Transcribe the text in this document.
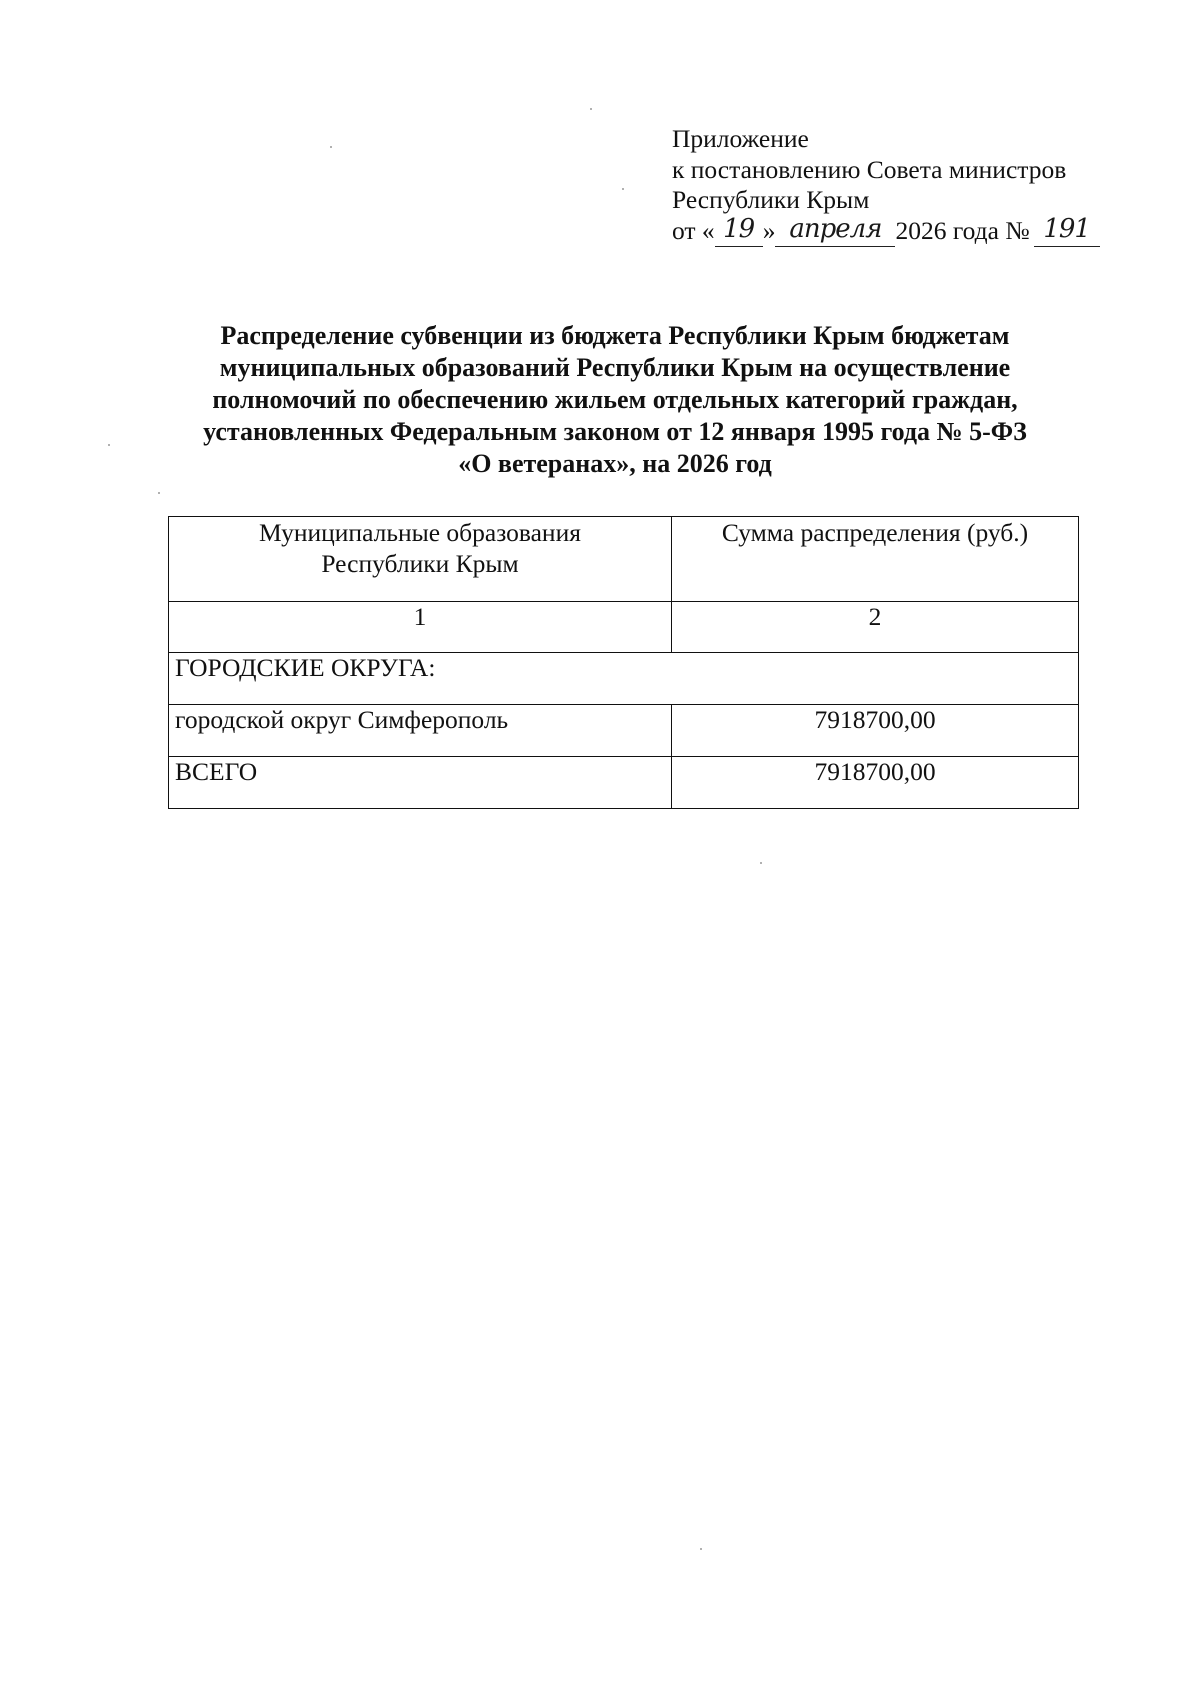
Приложение
к постановлению Совета министров
Республики Крым
от « 19 » апреля 2026 года № 191
Распределение субвенции из бюджета Республики Крым бюджетам
муниципальных образований Республики Крым на осуществление
полномочий по обеспечению жильем отдельных категорий граждан,
установленных Федеральным законом от 12 января 1995 года № 5-ФЗ
«О ветеранах», на 2026 год
Муниципальные образования
Республики Крым	Сумма распределения (руб.)
1	2
ГОРОДСКИЕ ОКРУГА:	
городской округ Симферополь	7918700,00
ВСЕГО	7918700,00
